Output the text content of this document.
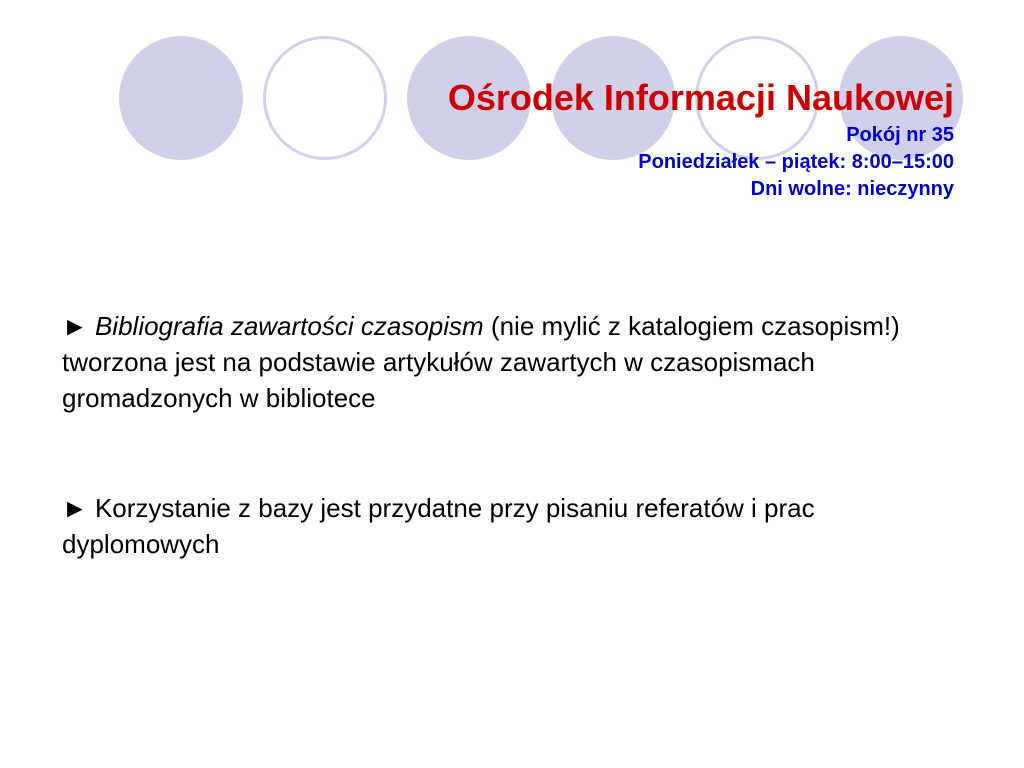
Ośrodek Informacji Naukowej

Pokój nr 35

Poniedziałek – piątek: 8:00–15:00

Dni wolne: nieczynny

► Bibliografia zawartości czasopism (nie mylić z katalogiem czasopism!) tworzona jest na podstawie artykułów zawartych w czasopismach gromadzonych w bibliotece

► Korzystanie z bazy jest przydatne przy pisaniu referatów i prac dyplomowych
